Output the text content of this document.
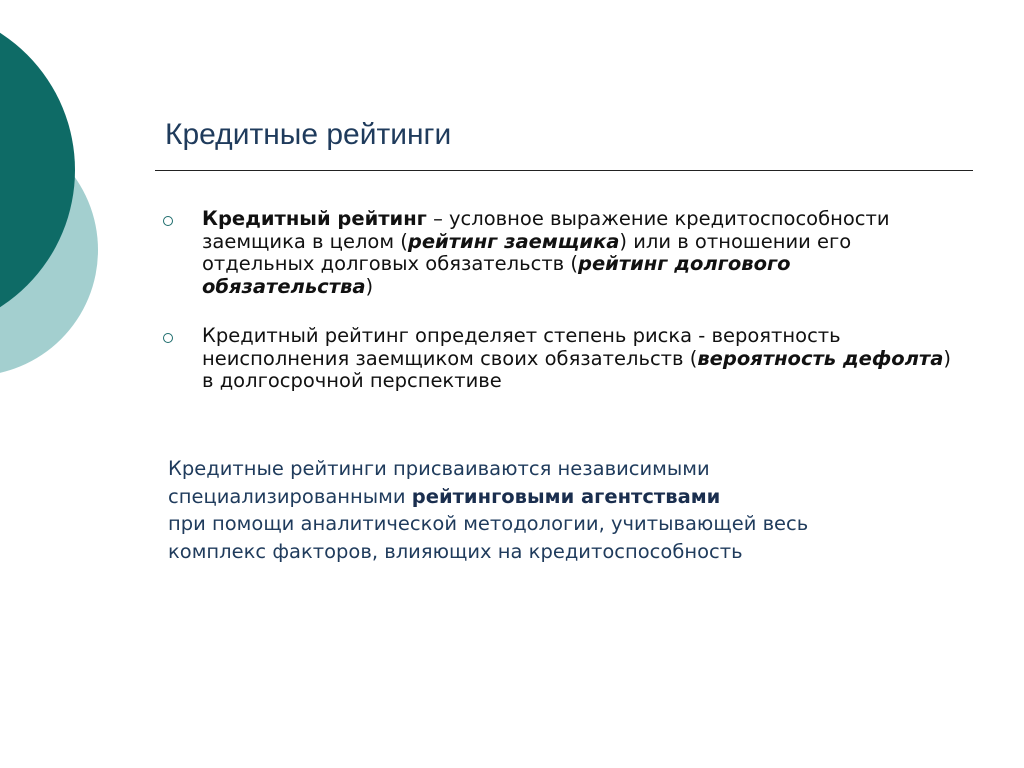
Кредитные рейтинги
Кредитный рейтинг – условное выражение кредитоспособности заемщика в целом (рейтинг заемщика) или в отношении его отдельных долговых обязательств (рейтинг долгового обязательства)
Кредитный рейтинг определяет степень риска - вероятность неисполнения заемщиком своих обязательств (вероятность дефолта) в долгосрочной перспективе
Кредитные рейтинги присваиваются независимыми
специализированными рейтинговыми агентствами
при помощи аналитической методологии, учитывающей весь
комплекс факторов, влияющих на кредитоспособность
